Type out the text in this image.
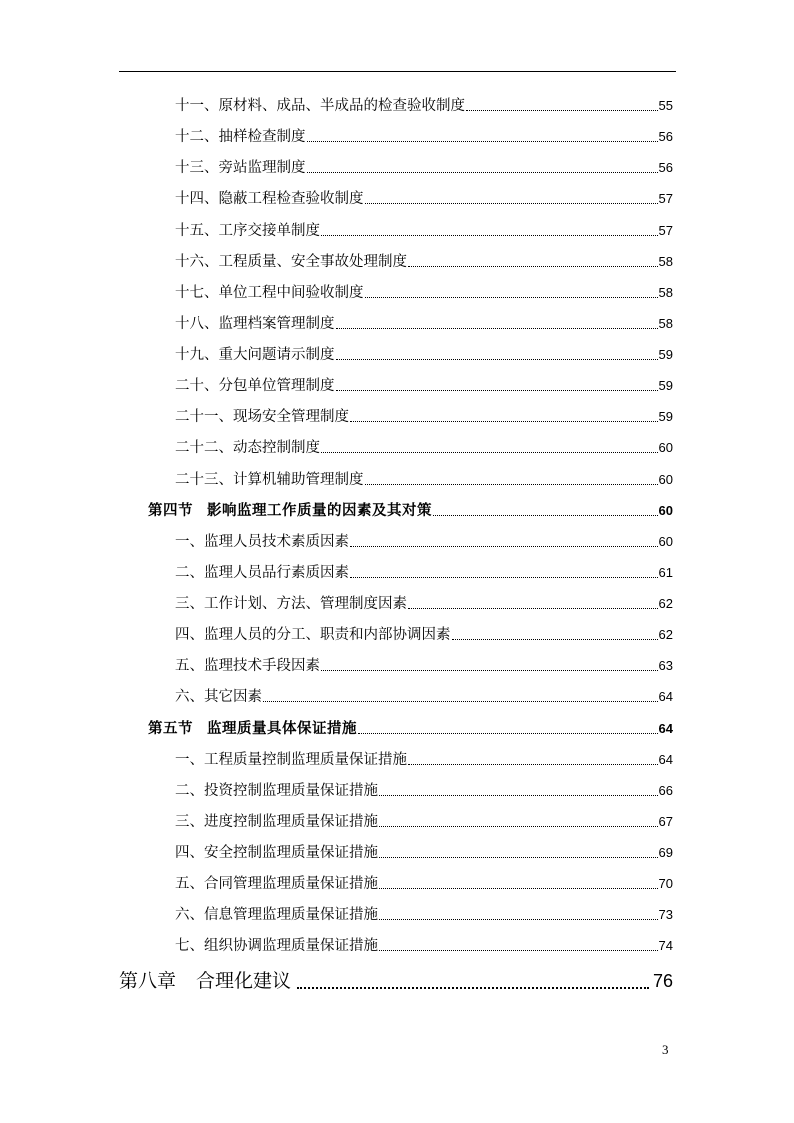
十一、原材料、成品、半成品的检查验收制度	55
十二、抽样检查制度	56
十三、旁站监理制度	56
十四、隐蔽工程检查验收制度	57
十五、工序交接单制度	57
十六、工程质量、安全事故处理制度	58
十七、单位工程中间验收制度	58
十八、监理档案管理制度	58
十九、重大问题请示制度	59
二十、分包单位管理制度	59
二十一、现场安全管理制度	59
二十二、动态控制制度	60
二十三、计算机辅助管理制度	60
第四节 影响监理工作质量的因素及其对策	60
一、监理人员技术素质因素	60
二、监理人员品行素质因素	61
三、工作计划、方法、管理制度因素	62
四、监理人员的分工、职责和内部协调因素	62
五、监理技术手段因素	63
六、其它因素	64
第五节 监理质量具体保证措施	64
一、工程质量控制监理质量保证措施	64
二、投资控制监理质量保证措施	66
三、进度控制监理质量保证措施	67
四、安全控制监理质量保证措施	69
五、合同管理监理质量保证措施	70
六、信息管理监理质量保证措施	73
七、组织协调监理质量保证措施	74
第八章 合理化建议	76
3
